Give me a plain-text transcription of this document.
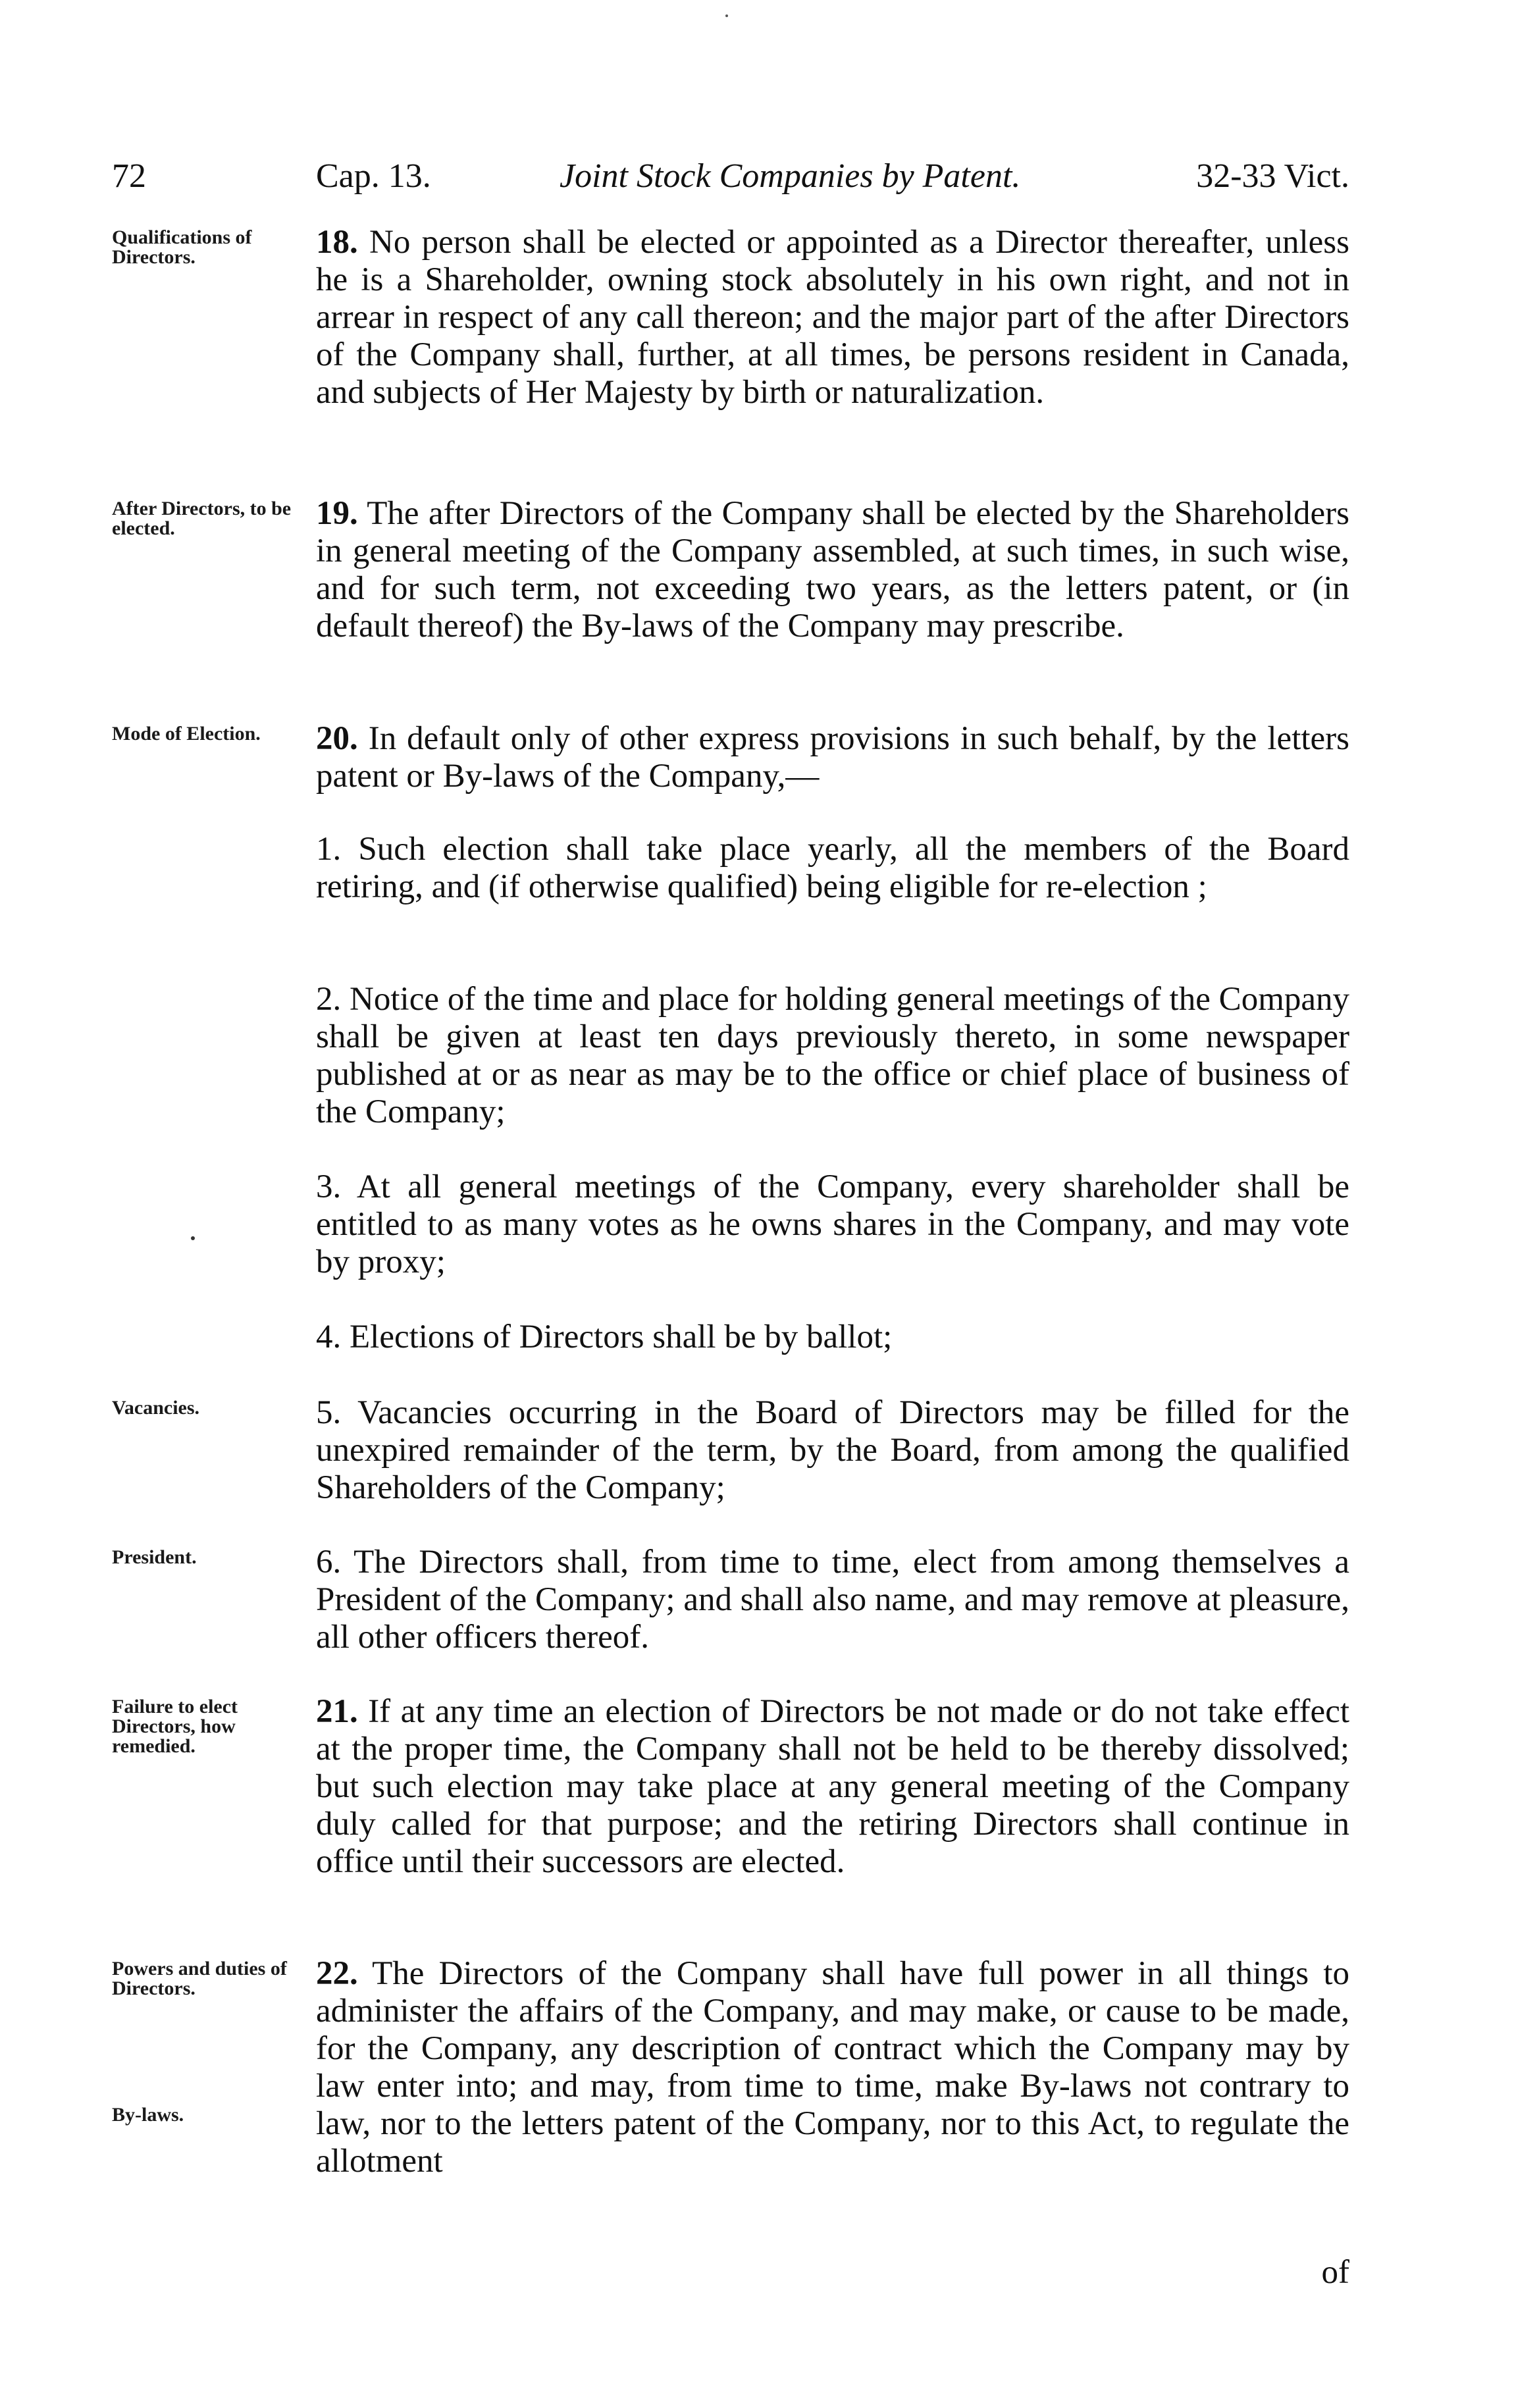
72	Cap. 13.	Joint Stock Companies by Patent.	32-33 Vict.
Qualifications of Directors.	18. No person shall be elected or appointed as a Director thereafter, unless he is a Shareholder, owning stock absolutely in his own right, and not in arrear in respect of any call thereon; and the major part of the after Directors of the Company shall, further, at all times, be persons resident in Canada, and subjects of Her Majesty by birth or naturalization.
After Directors, to be elected.	19. The after Directors of the Company shall be elected by the Shareholders in general meeting of the Company assembled, at such times, in such wise, and for such term, not exceeding two years, as the letters patent, or (in default thereof) the By-laws of the Company may prescribe.
Mode of Election.	20. In default only of other express provisions in such behalf, by the letters patent or By-laws of the Company,—
1. Such election shall take place yearly, all the members of the Board retiring, and (if otherwise qualified) being eligible for re-election ;
2. Notice of the time and place for holding general meetings of the Company shall be given at least ten days previously thereto, in some newspaper published at or as near as may be to the office or chief place of business of the Company;
3. At all general meetings of the Company, every shareholder shall be entitled to as many votes as he owns shares in the Company, and may vote by proxy;
4. Elections of Directors shall be by ballot;
Vacancies.	5. Vacancies occurring in the Board of Directors may be filled for the unexpired remainder of the term, by the Board, from among the qualified Shareholders of the Company;
President.	6. The Directors shall, from time to time, elect from among themselves a President of the Company; and shall also name, and may remove at pleasure, all other officers thereof.
Failure to elect Directors, how remedied.
21. If at any time an election of Directors be not made or do not take effect at the proper time, the Company shall not be held to be thereby dissolved; but such election may take place at any general meeting of the Company duly called for that purpose; and the retiring Directors shall continue in office until their successors are elected.
Powers and duties of Directors.
By-laws.
22. The Directors of the Company shall have full power in all things to administer the affairs of the Company, and may make, or cause to be made, for the Company, any description of contract which the Company may by law enter into; and may, from time to time, make By-laws not contrary to law, nor to the letters patent of the Company, nor to this Act, to regulate the allotment
of
